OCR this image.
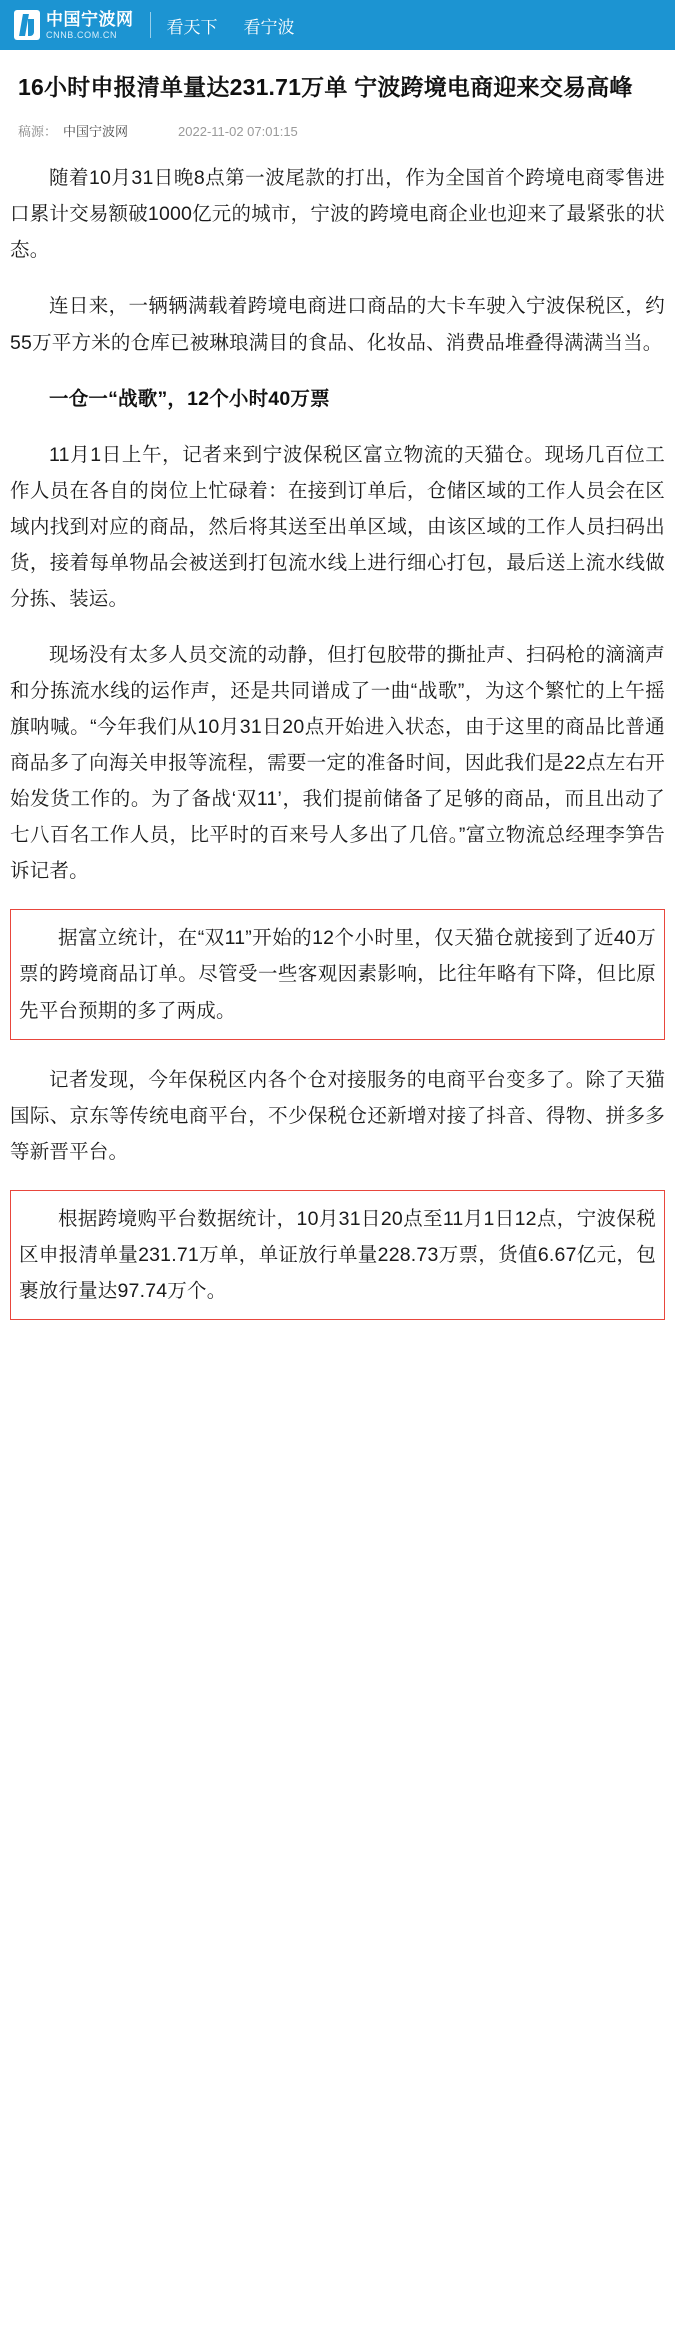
中国宁波网
CNNB.COM.CN	看天下 看宁波
16小时申报清单量达231.71万单 宁波跨境电商迎来交易高峰
稿源： 中国宁波网	2022-11-02 07:01:15

随着10月31日晚8点第一波尾款的打出，作为全国首个跨境电商零售进口累计交易额破1000亿元的城市，宁波的跨境电商企业也迎来了最紧张的状态。

连日来，一辆辆满载着跨境电商进口商品的大卡车驶入宁波保税区，约55万平方米的仓库已被琳琅满目的食品、化妆品、消费品堆叠得满满当当。

一仓一“战歌”，12个小时40万票

11月1日上午，记者来到宁波保税区富立物流的天猫仓。现场几百位工作人员在各自的岗位上忙碌着：在接到订单后，仓储区域的工作人员会在区域内找到对应的商品，然后将其送至出单区域，由该区域的工作人员扫码出货，接着每单物品会被送到打包流水线上进行细心打包，最后送上流水线做分拣、装运。

现场没有太多人员交流的动静，但打包胶带的撕扯声、扫码枪的滴滴声和分拣流水线的运作声，还是共同谱成了一曲“战歌”，为这个繁忙的上午摇旗呐喊。“今年我们从10月31日20点开始进入状态，由于这里的商品比普通商品多了向海关申报等流程，需要一定的准备时间，因此我们是22点左右开始发货工作的。为了备战‘双11’，我们提前储备了足够的商品，而且出动了七八百名工作人员，比平时的百来号人多出了几倍。”富立物流总经理李笋告诉记者。

据富立统计，在“双11”开始的12个小时里，仅天猫仓就接到了近40万票的跨境商品订单。尽管受一些客观因素影响，比往年略有下降，但比原先平台预期的多了两成。

记者发现，今年保税区内各个仓对接服务的电商平台变多了。除了天猫国际、京东等传统电商平台，不少保税仓还新增对接了抖音、得物、拼多多等新晋平台。

根据跨境购平台数据统计，10月31日20点至11月1日12点，宁波保税区申报清单量231.71万单，单证放行单量228.73万票，货值6.67亿元，包裹放行量达97.74万个。
